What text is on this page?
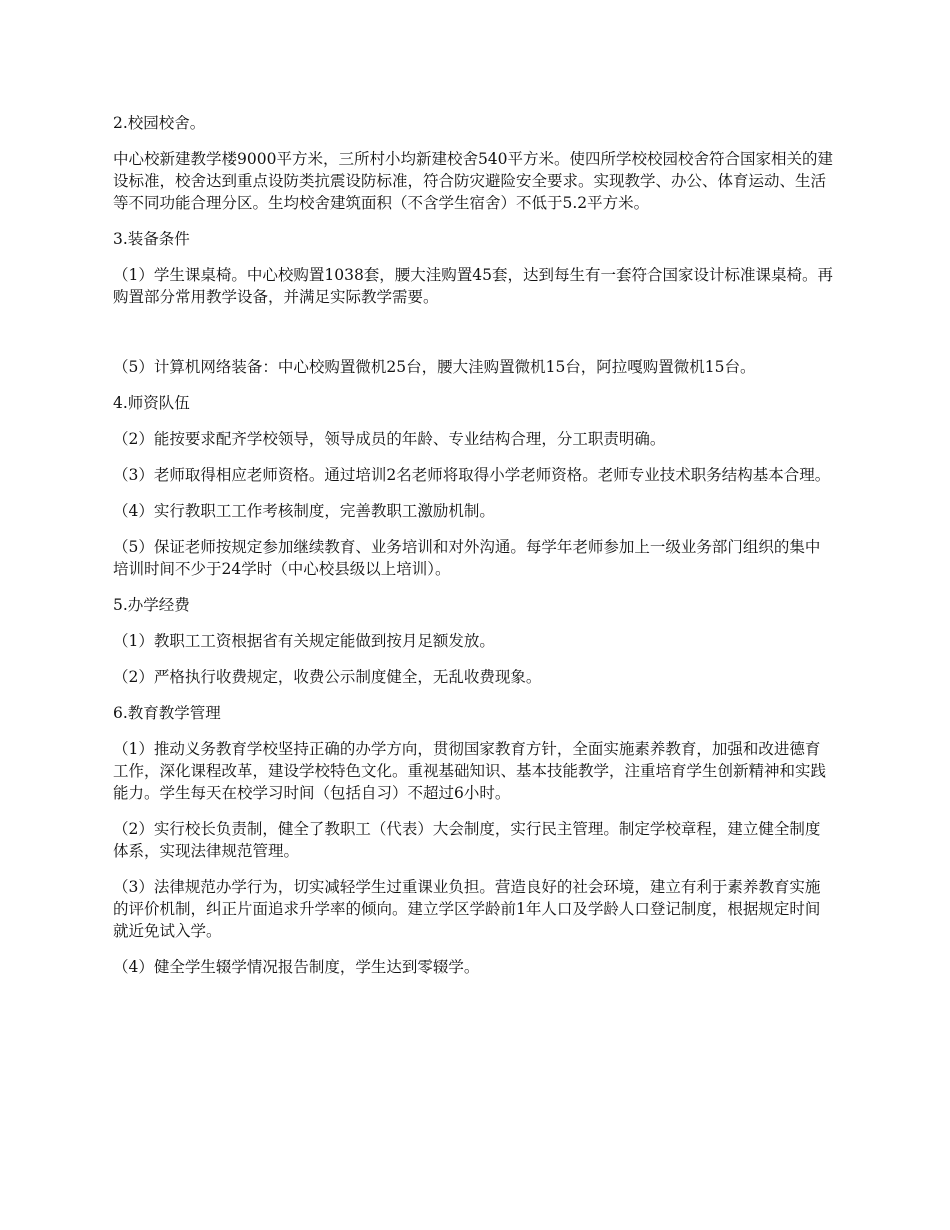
2.校园校舍。

中心校新建教学楼9000平方米，三所村小均新建校舍540平方米。使四所学校校园校舍符合国家相关的建设标准，校舍达到重点设防类抗震设防标准，符合防灾避险安全要求。实现教学、办公、体育运动、生活等不同功能合理分区。生均校舍建筑面积（不含学生宿舍）不低于5.2平方米。

3.装备条件

（1）学生课桌椅。中心校购置1038套，腰大洼购置45套，达到每生有一套符合国家设计标准课桌椅。再购置部分常用教学设备，并满足实际教学需要。

（5）计算机网络装备：中心校购置微机25台，腰大洼购置微机15台，阿拉嘎购置微机15台。

4.师资队伍

（2）能按要求配齐学校领导，领导成员的年龄、专业结构合理，分工职责明确。

（3）老师取得相应老师资格。通过培训2名老师将取得小学老师资格。老师专业技术职务结构基本合理。

（4）实行教职工工作考核制度，完善教职工激励机制。

（5）保证老师按规定参加继续教育、业务培训和对外沟通。每学年老师参加上一级业务部门组织的集中培训时间不少于24学时（中心校县级以上培训）。

5.办学经费

（1）教职工工资根据省有关规定能做到按月足额发放。

（2）严格执行收费规定，收费公示制度健全，无乱收费现象。

6.教育教学管理

（1）推动义务教育学校坚持正确的办学方向，贯彻国家教育方针，全面实施素养教育，加强和改进德育工作，深化课程改革，建设学校特色文化。重视基础知识、基本技能教学，注重培育学生创新精神和实践能力。学生每天在校学习时间（包括自习）不超过6小时。

（2）实行校长负责制，健全了教职工（代表）大会制度，实行民主管理。制定学校章程，建立健全制度体系，实现法律规范管理。

（3）法律规范办学行为，切实减轻学生过重课业负担。营造良好的社会环境，建立有利于素养教育实施的评价机制，纠正片面追求升学率的倾向。建立学区学龄前1年人口及学龄人口登记制度，根据规定时间就近免试入学。

（4）健全学生辍学情况报告制度，学生达到零辍学。
